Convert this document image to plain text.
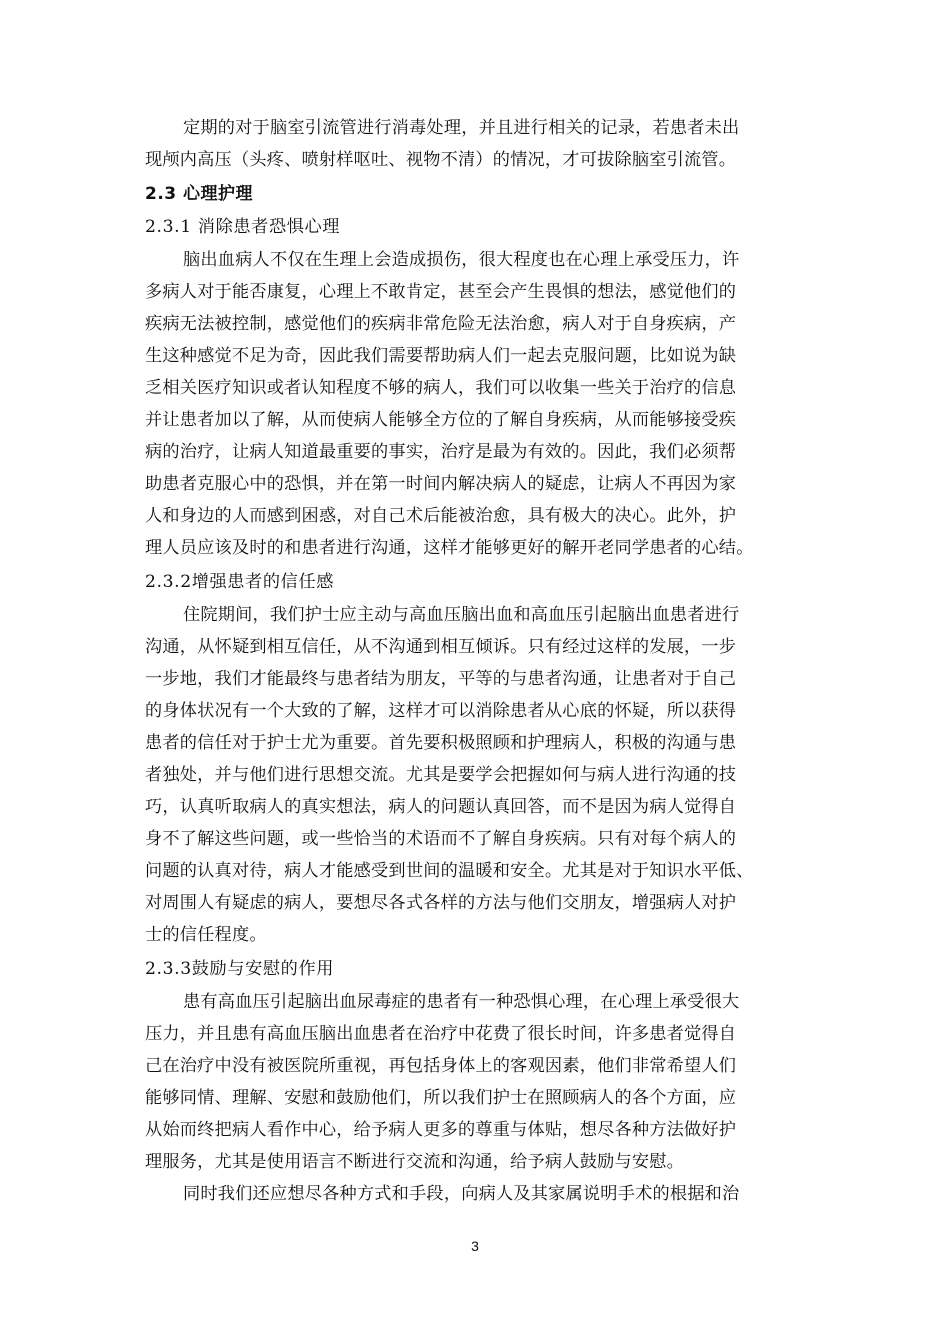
定期的对于脑室引流管进行消毒处理，并且进行相关的记录，若患者未出
现颅内高压（头疼、喷射样呕吐、视物不清）的情况，才可拔除脑室引流管。
2.3 心理护理
2.3.1 消除患者恐惧心理
脑出血病人不仅在生理上会造成损伤，很大程度也在心理上承受压力，许
多病人对于能否康复，心理上不敢肯定，甚至会产生畏惧的想法，感觉他们的
疾病无法被控制，感觉他们的疾病非常危险无法治愈，病人对于自身疾病，产
生这种感觉不足为奇，因此我们需要帮助病人们一起去克服问题，比如说为缺
乏相关医疗知识或者认知程度不够的病人，我们可以收集一些关于治疗的信息
并让患者加以了解，从而使病人能够全方位的了解自身疾病，从而能够接受疾
病的治疗，让病人知道最重要的事实，治疗是最为有效的。因此，我们必须帮
助患者克服心中的恐惧，并在第一时间内解决病人的疑虑，让病人不再因为家
人和身边的人而感到困惑，对自己术后能被治愈，具有极大的决心。此外，护
理人员应该及时的和患者进行沟通，这样才能够更好的解开老同学患者的心结。
2.3.2增强患者的信任感
住院期间，我们护士应主动与高血压脑出血和高血压引起脑出血患者进行
沟通，从怀疑到相互信任，从不沟通到相互倾诉。只有经过这样的发展，一步
一步地，我们才能最终与患者结为朋友，平等的与患者沟通，让患者对于自己
的身体状况有一个大致的了解，这样才可以消除患者从心底的怀疑，所以获得
患者的信任对于护士尤为重要。首先要积极照顾和护理病人，积极的沟通与患
者独处，并与他们进行思想交流。尤其是要学会把握如何与病人进行沟通的技
巧，认真听取病人的真实想法，病人的问题认真回答，而不是因为病人觉得自
身不了解这些问题，或一些恰当的术语而不了解自身疾病。只有对每个病人的
问题的认真对待，病人才能感受到世间的温暖和安全。尤其是对于知识水平低、
对周围人有疑虑的病人，要想尽各式各样的方法与他们交朋友，增强病人对护
士的信任程度。
2.3.3鼓励与安慰的作用
患有高血压引起脑出血尿毒症的患者有一种恐惧心理，在心理上承受很大
压力，并且患有高血压脑出血患者在治疗中花费了很长时间，许多患者觉得自
己在治疗中没有被医院所重视，再包括身体上的客观因素，他们非常希望人们
能够同情、理解、安慰和鼓励他们，所以我们护士在照顾病人的各个方面，应
从始而终把病人看作中心，给予病人更多的尊重与体贴，想尽各种方法做好护
理服务，尤其是使用语言不断进行交流和沟通，给予病人鼓励与安慰。
同时我们还应想尽各种方式和手段，向病人及其家属说明手术的根据和治
3
